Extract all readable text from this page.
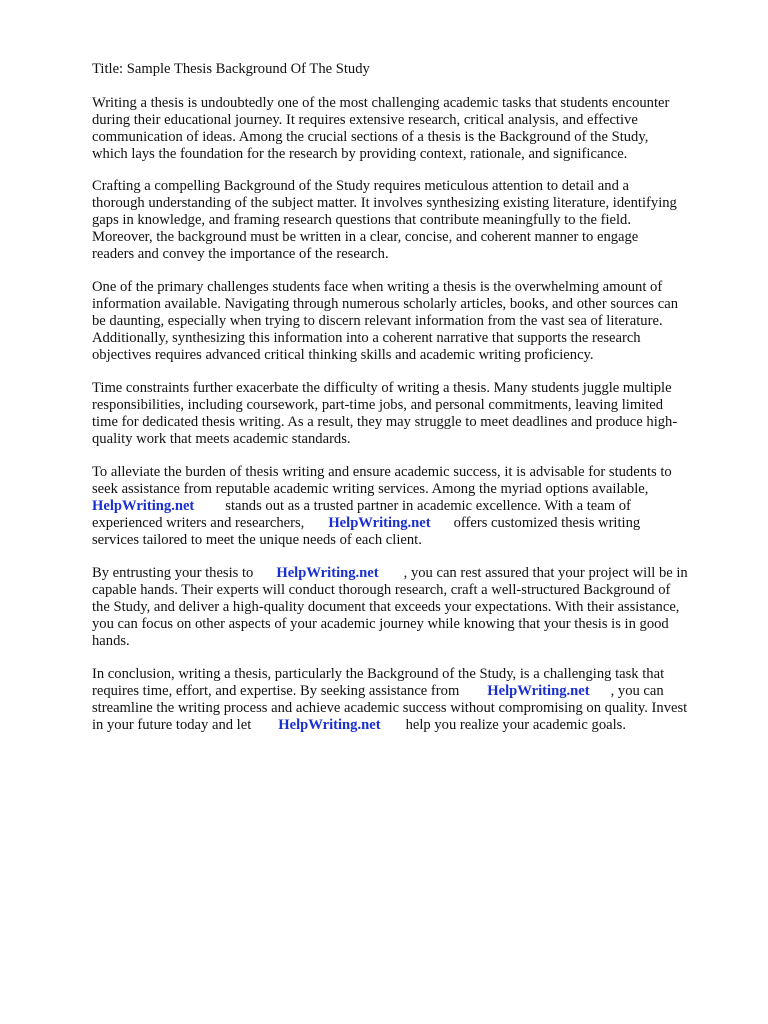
Title: Sample Thesis Background Of The Study
Writing a thesis is undoubtedly one of the most challenging academic tasks that students encounter
during their educational journey. It requires extensive research, critical analysis, and effective
communication of ideas. Among the crucial sections of a thesis is the Background of the Study,
which lays the foundation for the research by providing context, rationale, and significance.
Crafting a compelling Background of the Study requires meticulous attention to detail and a
thorough understanding of the subject matter. It involves synthesizing existing literature, identifying
gaps in knowledge, and framing research questions that contribute meaningfully to the field.
Moreover, the background must be written in a clear, concise, and coherent manner to engage
readers and convey the importance of the research.
One of the primary challenges students face when writing a thesis is the overwhelming amount of
information available. Navigating through numerous scholarly articles, books, and other sources can
be daunting, especially when trying to discern relevant information from the vast sea of literature.
Additionally, synthesizing this information into a coherent narrative that supports the research
objectives requires advanced critical thinking skills and academic writing proficiency.
Time constraints further exacerbate the difficulty of writing a thesis. Many students juggle multiple
responsibilities, including coursework, part-time jobs, and personal commitments, leaving limited
time for dedicated thesis writing. As a result, they may struggle to meet deadlines and produce high-
quality work that meets academic standards.
To alleviate the burden of thesis writing and ensure academic success, it is advisable for students to
seek assistance from reputable academic writing services. Among the myriad options available,
HelpWriting.net stands out as a trusted partner in academic excellence. With a team of
experienced writers and researchers, HelpWriting.net offers customized thesis writing
services tailored to meet the unique needs of each client.
By entrusting your thesis to HelpWriting.net , you can rest assured that your project will be in
capable hands. Their experts will conduct thorough research, craft a well-structured Background of
the Study, and deliver a high-quality document that exceeds your expectations. With their assistance,
you can focus on other aspects of your academic journey while knowing that your thesis is in good
hands.
In conclusion, writing a thesis, particularly the Background of the Study, is a challenging task that
requires time, effort, and expertise. By seeking assistance from HelpWriting.net , you can
streamline the writing process and achieve academic success without compromising on quality. Invest
in your future today and let HelpWriting.net help you realize your academic goals.
